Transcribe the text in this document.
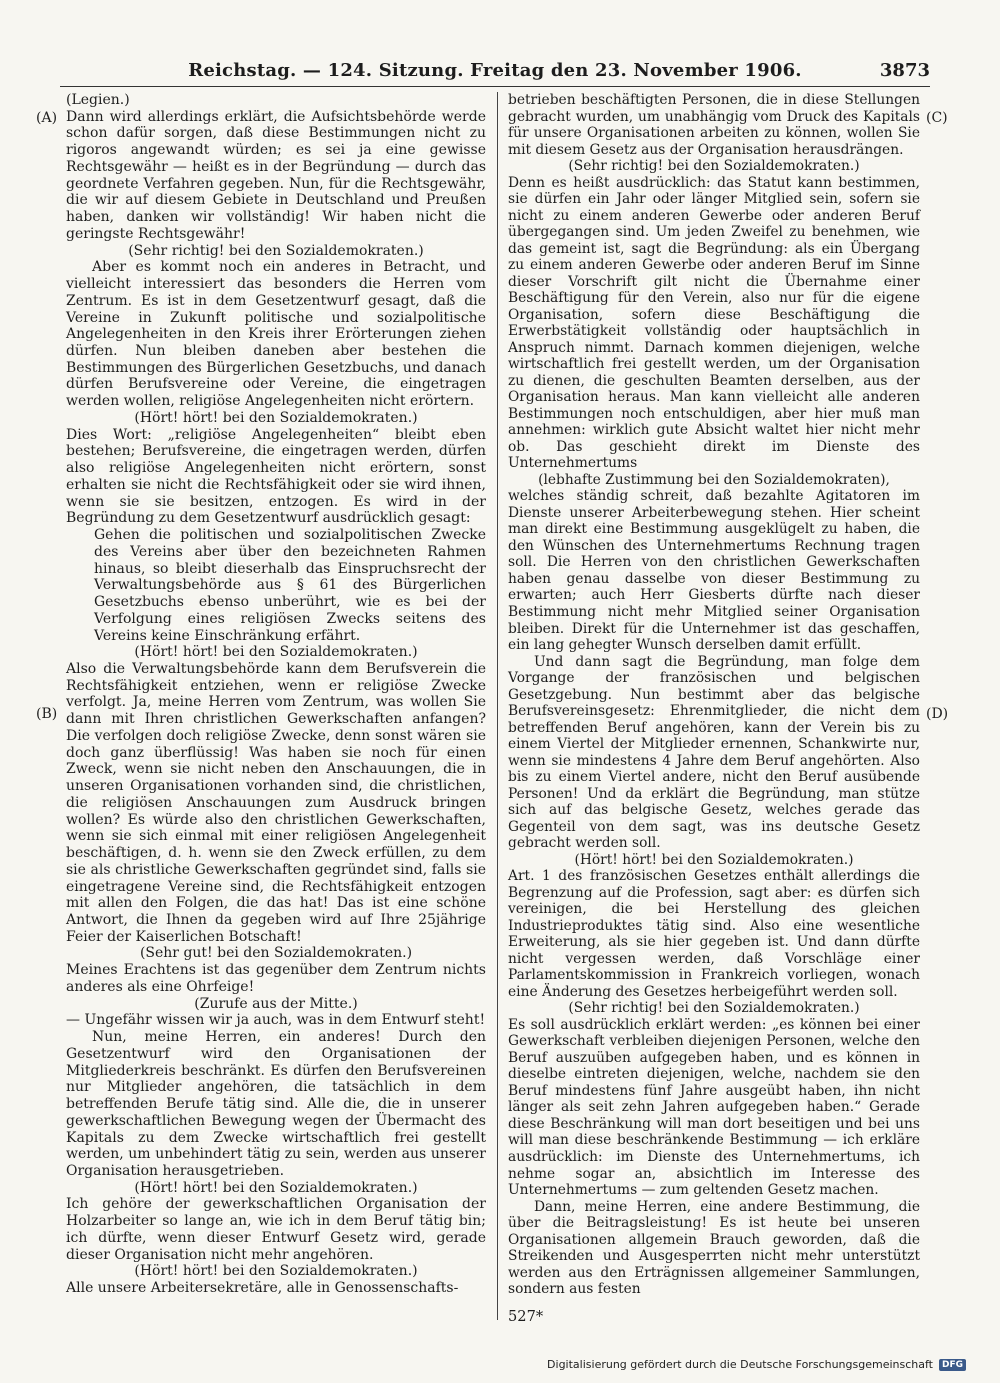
Reichstag. — 124. Sitzung. Freitag den 23. November 1906.	3873
(A)
(B)
(C)
(D)

(Legien.)

Dann wird allerdings erklärt, die Aufsichtsbehörde werde schon dafür sorgen, daß diese Bestimmungen nicht zu rigoros angewandt würden; es sei ja eine gewisse Rechtsgewähr — heißt es in der Begründung — durch das geordnete Verfahren gegeben. Nun, für die Rechtsgewähr, die wir auf diesem Gebiete in Deutschland und Preußen haben, danken wir vollständig! Wir haben nicht die geringste Rechtsgewähr!

(Sehr richtig! bei den Sozialdemokraten.)

Aber es kommt noch ein anderes in Betracht, und vielleicht interessiert das besonders die Herren vom Zentrum. Es ist in dem Gesetzentwurf gesagt, daß die Vereine in Zukunft politische und sozialpolitische Angelegenheiten in den Kreis ihrer Erörterungen ziehen dürfen. Nun bleiben daneben aber bestehen die Bestimmungen des Bürgerlichen Gesetzbuchs, und danach dürfen Berufsvereine oder Vereine, die eingetragen werden wollen, religiöse Angelegenheiten nicht erörtern.

(Hört! hört! bei den Sozialdemokraten.)

Dies Wort: „religiöse Angelegenheiten“ bleibt eben bestehen; Berufsvereine, die eingetragen werden, dürfen also religiöse Angelegenheiten nicht erörtern, sonst erhalten sie nicht die Rechtsfähigkeit oder sie wird ihnen, wenn sie sie besitzen, entzogen. Es wird in der Begründung zu dem Gesetzentwurf ausdrücklich gesagt:

Gehen die politischen und sozialpolitischen Zwecke des Vereins aber über den bezeichneten Rahmen hinaus, so bleibt dieserhalb das Einspruchsrecht der Verwaltungsbehörde aus § 61 des Bürgerlichen Gesetzbuchs ebenso unberührt, wie es bei der Verfolgung eines religiösen Zwecks seitens des Vereins keine Einschränkung erfährt.

(Hört! hört! bei den Sozialdemokraten.)

Also die Verwaltungsbehörde kann dem Berufsverein die Rechtsfähigkeit entziehen, wenn er religiöse Zwecke verfolgt. Ja, meine Herren vom Zentrum, was wollen Sie dann mit Ihren christlichen Gewerkschaften anfangen? Die verfolgen doch religiöse Zwecke, denn sonst wären sie doch ganz überflüssig! Was haben sie noch für einen Zweck, wenn sie nicht neben den Anschauungen, die in unseren Organisationen vorhanden sind, die christlichen, die religiösen Anschauungen zum Ausdruck bringen wollen? Es würde also den christlichen Gewerkschaften, wenn sie sich einmal mit einer religiösen Angelegenheit beschäftigen, d. h. wenn sie den Zweck erfüllen, zu dem sie als christliche Gewerkschaften gegründet sind, falls sie eingetragene Vereine sind, die Rechtsfähigkeit entzogen mit allen den Folgen, die das hat! Das ist eine schöne Antwort, die Ihnen da gegeben wird auf Ihre 25jährige Feier der Kaiserlichen Botschaft!

(Sehr gut! bei den Sozialdemokraten.)

Meines Erachtens ist das gegenüber dem Zentrum nichts anderes als eine Ohrfeige!

(Zurufe aus der Mitte.)

— Ungefähr wissen wir ja auch, was in dem Entwurf steht!

Nun, meine Herren, ein anderes! Durch den Gesetzentwurf wird den Organisationen der Mitgliederkreis beschränkt. Es dürfen den Berufsvereinen nur Mitglieder angehören, die tatsächlich in dem betreffenden Berufe tätig sind. Alle die, die in unserer gewerkschaftlichen Bewegung wegen der Übermacht des Kapitals zu dem Zwecke wirtschaftlich frei gestellt werden, um unbehindert tätig zu sein, werden aus unserer Organisation herausgetrieben.

(Hört! hört! bei den Sozialdemokraten.)

Ich gehöre der gewerkschaftlichen Organisation der Holzarbeiter so lange an, wie ich in dem Beruf tätig bin; ich dürfte, wenn dieser Entwurf Gesetz wird, gerade dieser Organisation nicht mehr angehören.

(Hört! hört! bei den Sozialdemokraten.)

Alle unsere Arbeitersekretäre, alle in Genossenschafts-

betrieben beschäftigten Personen, die in diese Stellungen gebracht wurden, um unabhängig vom Druck des Kapitals für unsere Organisationen arbeiten zu können, wollen Sie mit diesem Gesetz aus der Organisation herausdrängen.

(Sehr richtig! bei den Sozialdemokraten.)

Denn es heißt ausdrücklich: das Statut kann bestimmen, sie dürfen ein Jahr oder länger Mitglied sein, sofern sie nicht zu einem anderen Gewerbe oder anderen Beruf übergegangen sind. Um jeden Zweifel zu benehmen, wie das gemeint ist, sagt die Begründung: als ein Übergang zu einem anderen Gewerbe oder anderen Beruf im Sinne dieser Vorschrift gilt nicht die Übernahme einer Beschäftigung für den Verein, also nur für die eigene Organisation, sofern diese Beschäftigung die Erwerbstätigkeit vollständig oder hauptsächlich in Anspruch nimmt. Darnach kommen diejenigen, welche wirtschaftlich frei gestellt werden, um der Organisation zu dienen, die geschulten Beamten derselben, aus der Organisation heraus. Man kann vielleicht alle anderen Bestimmungen noch entschuldigen, aber hier muß man annehmen: wirklich gute Absicht waltet hier nicht mehr ob. Das geschieht direkt im Dienste des Unternehmertums

(lebhafte Zustimmung bei den Sozialdemokraten),

welches ständig schreit, daß bezahlte Agitatoren im Dienste unserer Arbeiterbewegung stehen. Hier scheint man direkt eine Bestimmung ausgeklügelt zu haben, die den Wünschen des Unternehmertums Rechnung tragen soll. Die Herren von den christlichen Gewerkschaften haben genau dasselbe von dieser Bestimmung zu erwarten; auch Herr Giesberts dürfte nach dieser Bestimmung nicht mehr Mitglied seiner Organisation bleiben. Direkt für die Unternehmer ist das geschaffen, ein lang gehegter Wunsch derselben damit erfüllt.

Und dann sagt die Begründung, man folge dem Vorgange der französischen und belgischen Gesetzgebung. Nun bestimmt aber das belgische Berufsvereinsgesetz: Ehrenmitglieder, die nicht dem betreffenden Beruf angehören, kann der Verein bis zu einem Viertel der Mitglieder ernennen, Schankwirte nur, wenn sie mindestens 4 Jahre dem Beruf angehörten. Also bis zu einem Viertel andere, nicht den Beruf ausübende Personen! Und da erklärt die Begründung, man stütze sich auf das belgische Gesetz, welches gerade das Gegenteil von dem sagt, was ins deutsche Gesetz gebracht werden soll.

(Hört! hört! bei den Sozialdemokraten.)

Art. 1 des französischen Gesetzes enthält allerdings die Begrenzung auf die Profession, sagt aber: es dürfen sich vereinigen, die bei Herstellung des gleichen Industrieproduktes tätig sind. Also eine wesentliche Erweiterung, als sie hier gegeben ist. Und dann dürfte nicht vergessen werden, daß Vorschläge einer Parlamentskommission in Frankreich vorliegen, wonach eine Änderung des Gesetzes herbeigeführt werden soll.

(Sehr richtig! bei den Sozialdemokraten.)

Es soll ausdrücklich erklärt werden: „es können bei einer Gewerkschaft verbleiben diejenigen Personen, welche den Beruf auszuüben aufgegeben haben, und es können in dieselbe eintreten diejenigen, welche, nachdem sie den Beruf mindestens fünf Jahre ausgeübt haben, ihn nicht länger als seit zehn Jahren aufgegeben haben.“ Gerade diese Beschränkung will man dort beseitigen und bei uns will man diese beschränkende Bestimmung — ich erkläre ausdrücklich: im Dienste des Unternehmertums, ich nehme sogar an, absichtlich im Interesse des Unternehmertums — zum geltenden Gesetz machen.

Dann, meine Herren, eine andere Bestimmung, die über die Beitragsleistung! Es ist heute bei unseren Organisationen allgemein Brauch geworden, daß die Streikenden und Ausgesperrten nicht mehr unterstützt werden aus den Erträgnissen allgemeiner Sammlungen, sondern aus festen

527*

Digitalisierung gefördert durch die Deutsche Forschungsgemeinschaft	DFG
